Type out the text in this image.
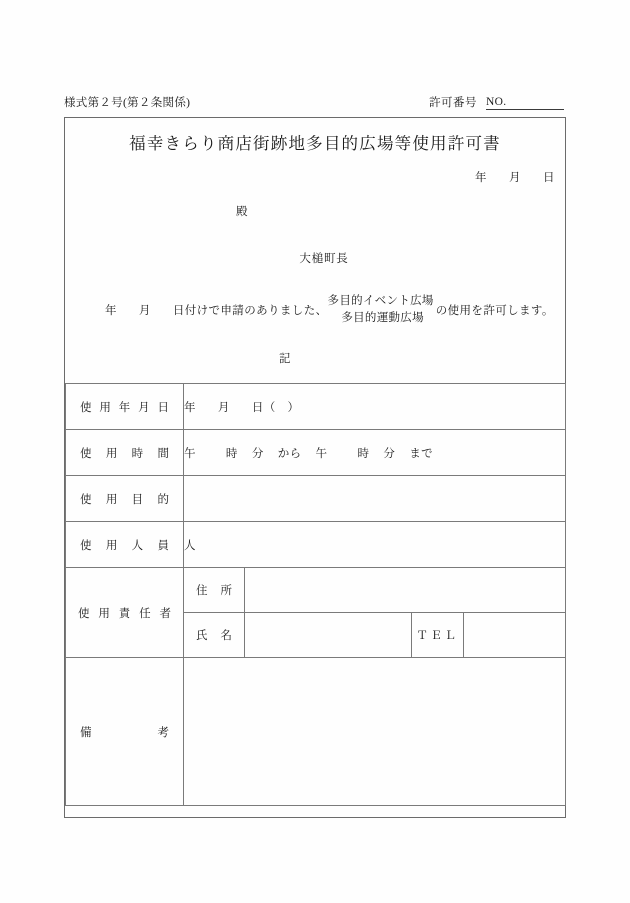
様式第２号(第２条関係)	許可番号 NO.
福幸きらり商店街跡地多目的広場等使用許可書
年 月 日
殿
大槌町長
年 月 日付けで申請のありました、
多目的イベント広場
多目的運動広場
の使用を許可します。
記
使 用 年 月 日	年 月 日（　）			

使 用 時 間	午 時 分 から 午 時 分 まで			

使 用 目 的				

使 用 人 員	人			

使 用 責 任 者	住 所			

	氏 名		ＴＥＬ	

備 考				
